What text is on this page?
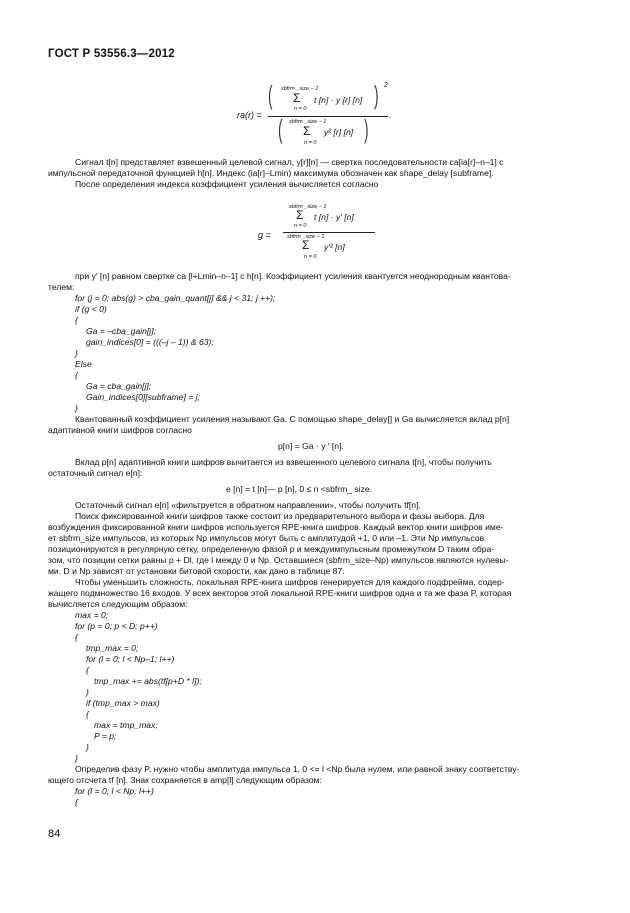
ГОСТ Р 53556.3—2012
ra(r) =
( sbfrm _size − 1
Σ
n = 0
t [n] · y [r] [n] ) 2
( sbfrm _size − 1
Σ
n = 0
y² [r] [n] ) .
g =
sbfrm _size − 1
Σ
n = 0
t [n] · y′ [n]
sbfrm _size − 1
Σ
n = 0
y′² [n]
Сигнал t[n] представляет взвешенный целевой сигнал, y[r][n] — свертка последовательности ca[ia[r]–n–1] с
импульсной передаточной функцией h[n]. Индекс (ia[r]–Lmin) максимума обозначен как shape_delay [subframe].
После определения индекса коэффициент усиления вычисляется согласно
при y′ [n] равном свертке ca [l+Lmin–n–1] с h[n]. Коэффициент усиления квантуется неоднородным квантова-
телем:
for (j = 0; abs(g) > cba_gain_quant[j] && j < 31; j ++);
if (g < 0)
{
Ga = –cba_gain[j];
gain_indices[0] = (((–j – 1)) & 63);
}
Else
{
Ga = cba_gain[j];
Gain_indices[0][subframe] = j;
}
Квантованный коэффициент усиления называют Ga. С помощью shape_delay[] и Ga вычисляется вклад p[n]
адаптивной книги шифров согласно
p[n] = Ga · y ′ [n].
Вклад p[n] адаптивной книги шифров вычитается из взвешенного целевого сигнала t[n], чтобы получить
остаточный сигнал e[n]:
e [n] = t [n]— p [n], 0 ≤ n <sbfrm_ size.
Остаточный сигнал e[n] «фильтруется в обратном направлении», чтобы получить tf[n].
Поиск фиксированной книги шифров также состоит из предварительного выбора и фазы выбора. Для
возбуждения фиксированной книги шифров используется RPE-книга шифров. Каждый вектор книги шифров име-
ет sbfrm_size импульсов, из которых Np импульсов могут быть с амплитудой +1, 0 или –1. Эти Np импульсов
позиционируются в регулярную сетку, определенную фазой p и междуимпульсным промежутком D таким обра-
зом, что позиции сетки равны p + Dl, где l между 0 и Np. Оставшиеся (sbfrm_size–Np) импульсов являются нулевы-
ми. D и Np зависят от установки битовой скорости, как дано в таблице 87.
Чтобы уменьшить сложность, локальная RPE-книга шифров генерируется для каждого подфрейма, содер-
жащего подмножество 16 входов. У всех векторов этой локальной RPE-книги шифров одна и та же фаза P, которая
вычисляется следующим образом:
max = 0;
for (p = 0; p < D; p++)
{
tmp_max = 0;
for (l = 0; l < Np–1; l++)
{
tmp_max += abs(tf[p+D * l]);
}
if (tmp_max > max)
{
max = tmp_max;
P = p;
}
}
Определив фазу P, нужно чтобы амплитуда импульса 1, 0 <= l <Np была нулем, или равной знаку соответству-
ющего отсчета tf [n]. Знак сохраняется в amp[l] следующим образом:
for (l = 0; l < Np; l++)
{
84
